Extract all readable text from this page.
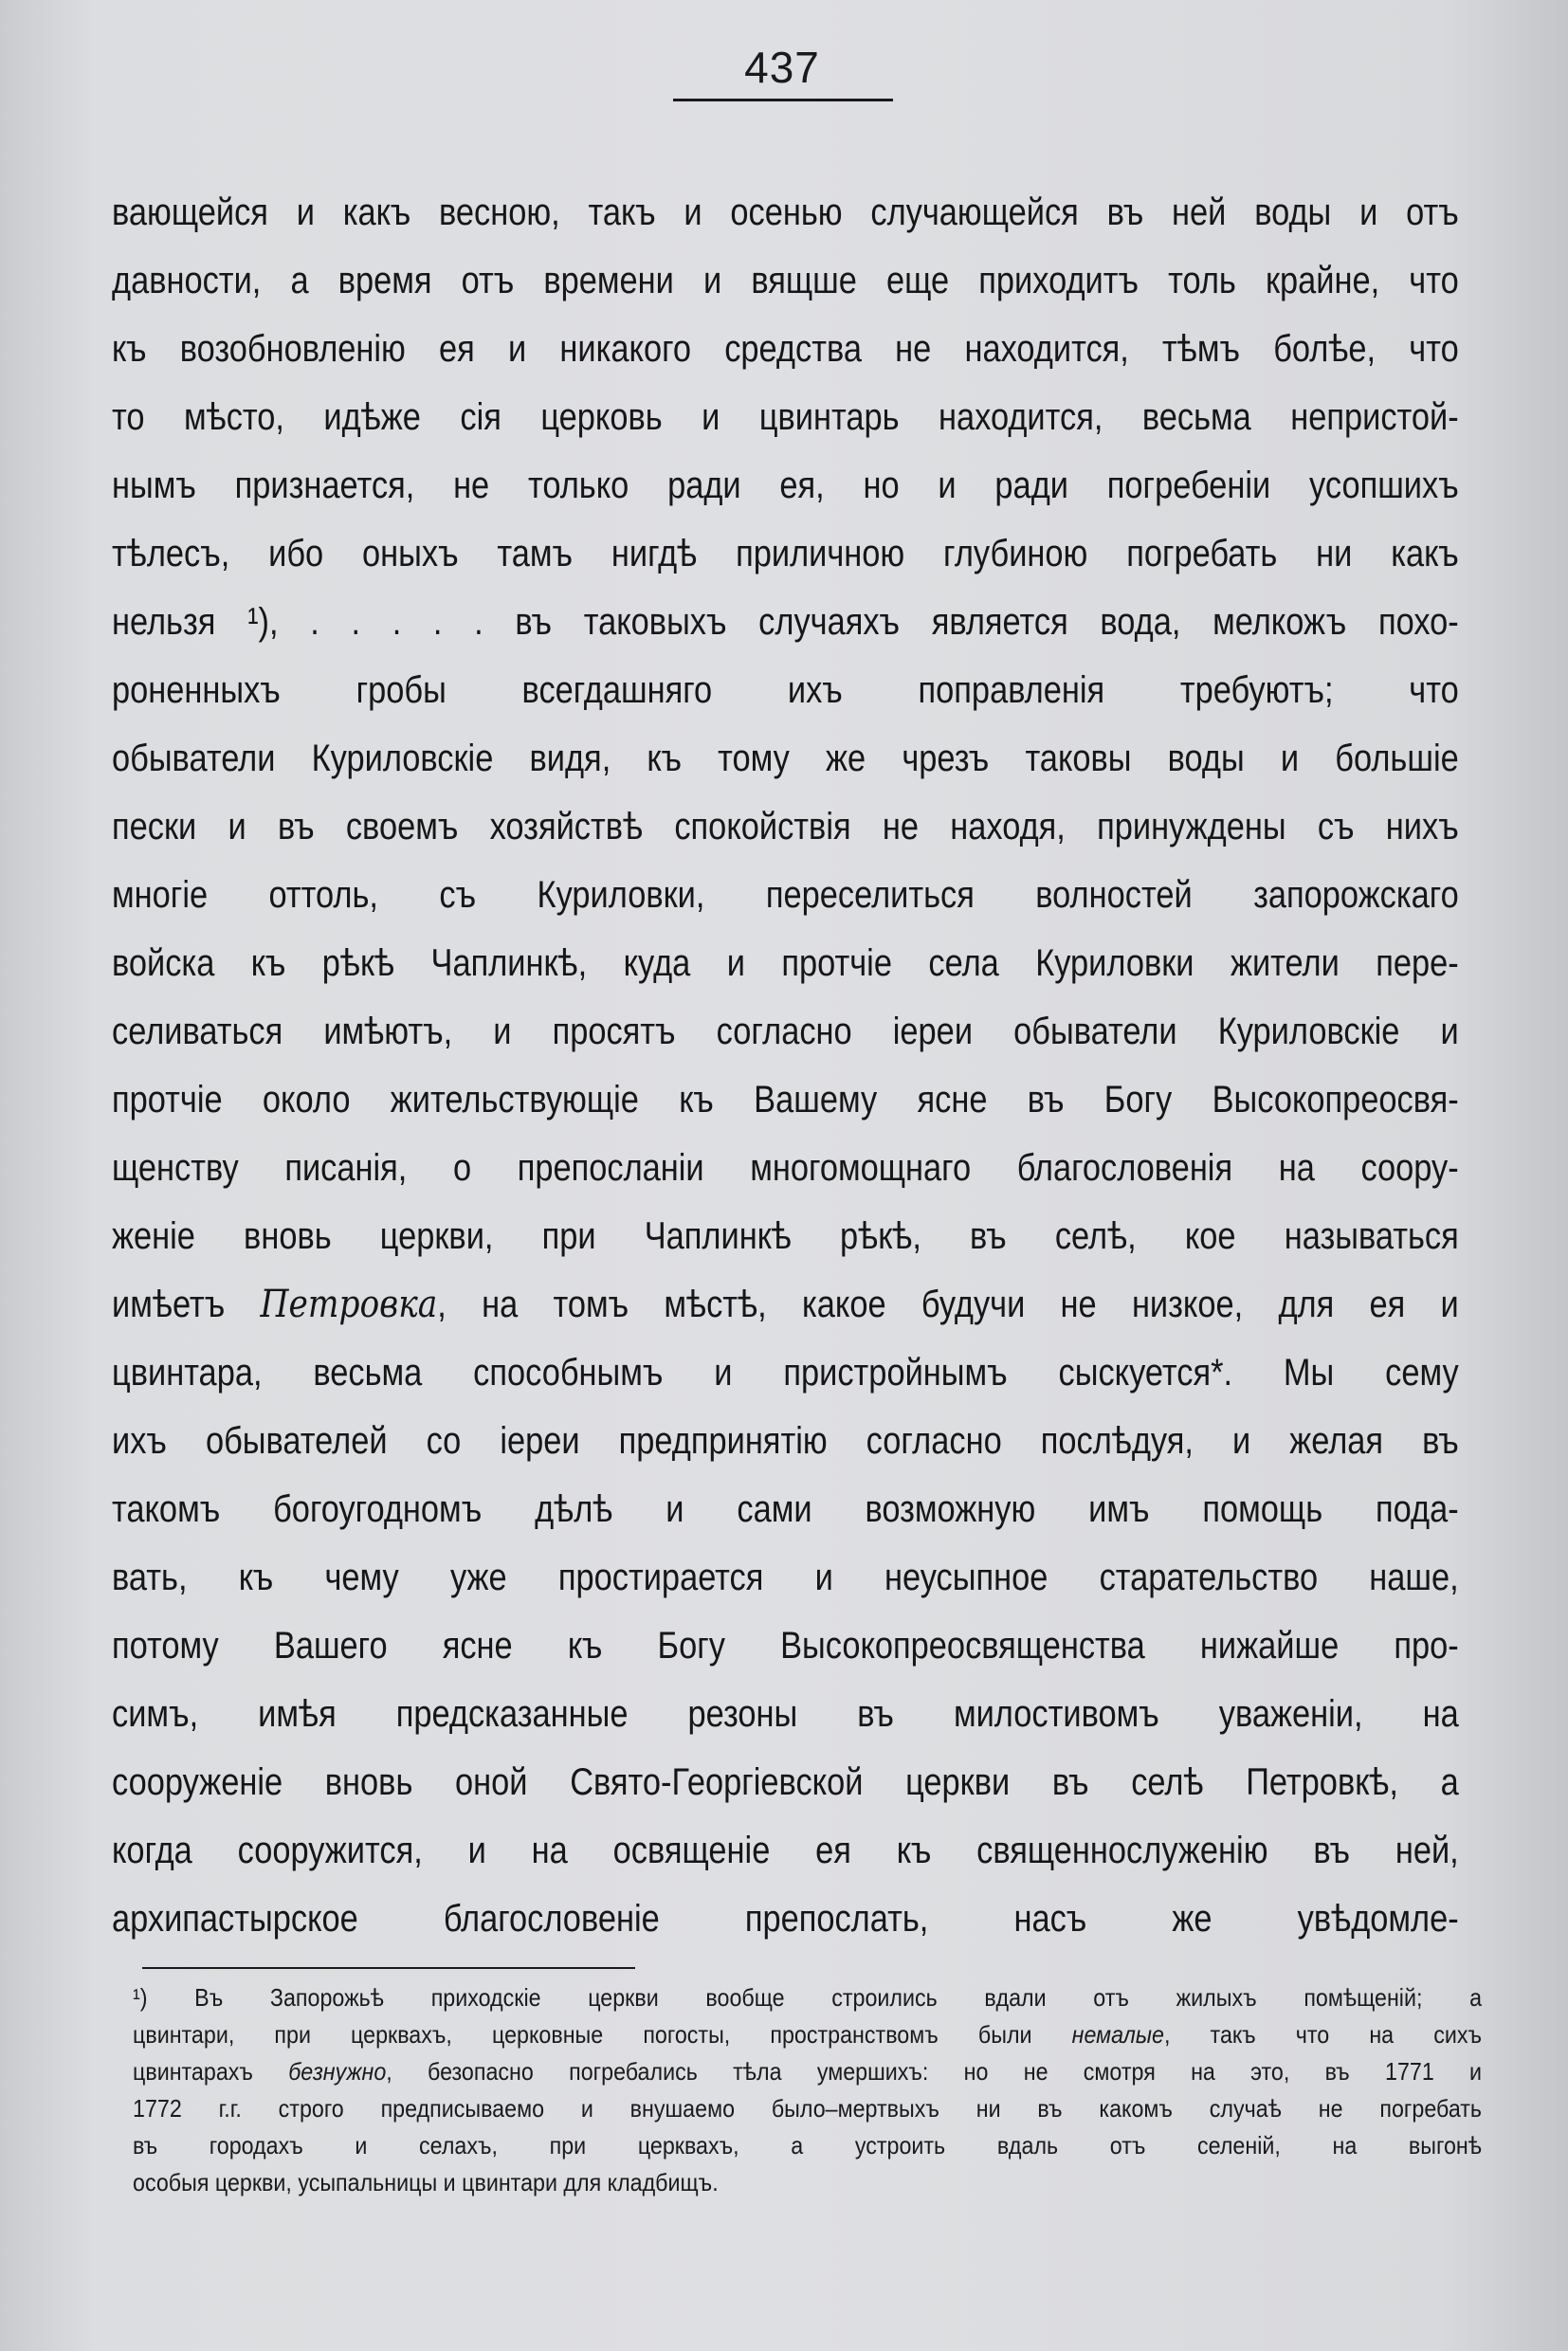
437
вающейся и какъ весною, такъ и осенью случающейся въ ней воды и отъ
давности, а время отъ времени и вящше еще приходитъ толь крайне, что
къ возобновленію ея и никакого средства не находится, тѣмъ болѣе, что
то мѣсто, идѣже сія церковь и цвинтарь находится, весьма непристой-
нымъ признается, не только ради ея, но и ради погребеніи усопшихъ
тѣлесъ, ибо оныхъ тамъ нигдѣ приличною глубиною погребать ни какъ
нельзя ¹), . . . . . въ таковыхъ случаяхъ является вода, мелкожъ похо-
роненныхъ гробы всегдашняго ихъ поправленія требуютъ; что
обыватели Куриловскіе видя, къ тому же чрезъ таковы воды и большіе
пески и въ своемъ хозяйствѣ спокойствія не находя, принуждены съ нихъ
многіе оттоль, съ Куриловки, переселиться волностей запорожскаго
войска къ рѣкѣ Чаплинкѣ, куда и протчіе села Куриловки жители пере-
селиваться имѣютъ, и просятъ согласно іереи обыватели Куриловскіе и
протчіе около жительствующіе къ Вашему ясне въ Богу Высокопреосвя-
щенству писанія, о препосланіи многомощнаго благословенія на соору-
женіе вновь церкви, при Чаплинкѣ рѣкѣ, въ селѣ, кое называться
имѣетъ Петровка, на томъ мѣстѣ, какое будучи не низкое, для ея и
цвинтара, весьма способнымъ и пристройнымъ сыскуется*. Мы сему
ихъ обывателей со іереи предпринятію согласно послѣдуя, и желая въ
такомъ богоугодномъ дѣлѣ и сами возможную имъ помощь пода-
вать, къ чему уже простирается и неусыпное старательство наше,
потому Вашего ясне къ Богу Высокопреосвященства нижайше про-
симъ, имѣя предсказанные резоны въ милостивомъ уваженіи, на
сооруженіе вновь оной Свято-Георгіевской церкви въ селѣ Петровкѣ, а
когда сооружится, и на освященіе ея къ священнослуженію въ ней,
архипастырское благословеніе препослать, насъ же увѣдомле-
¹) Въ Запорожьѣ приходскіе церкви вообще строились вдали отъ жилыхъ помѣщеній; а
цвинтари, при церквахъ, церковные погосты, пространствомъ были немалые, такъ что на сихъ
цвинтарахъ безнужно, безопасно погребались тѣла умершихъ: но не смотря на это, въ 1771 и
1772 г.г. строго предписываемо и внушаемо было–мертвыхъ ни въ какомъ случаѣ не погребать
въ городахъ и селахъ, при церквахъ, а устроить вдаль отъ селеній, на выгонѣ
особыя церкви, усыпальницы и цвинтари для кладбищъ.
